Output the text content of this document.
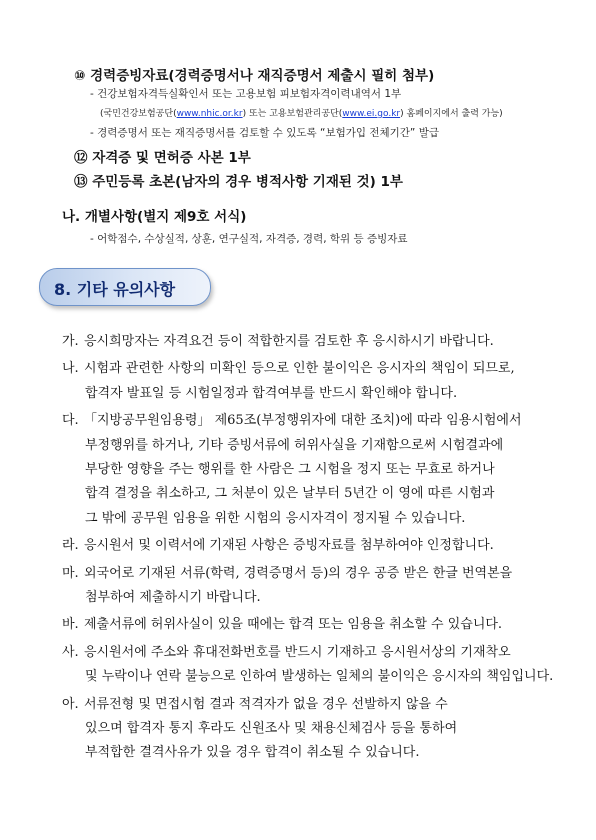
⑩ 경력증빙자료(경력증명서나 재직증명서 제출시 필히 첨부)
- 건강보험자격득실확인서 또는 고용보험 피보험자격이력내역서 1부
(국민건강보험공단(www.nhic.or.kr) 또는 고용보험관리공단(www.ei.go.kr) 홈페이지에서 출력 가능)
- 경력증명서 또는 재직증명서를 검토할 수 있도록 “보험가입 전체기간” 발급
⑫ 자격증 및 면허증 사본 1부
⑬ 주민등록 초본(남자의 경우 병적사항 기재된 것) 1부
나. 개별사항(별지 제9호 서식)
- 어학점수, 수상실적, 상훈, 연구실적, 자격증, 경력, 학위 등 증빙자료
8. 기타 유의사항
가. 응시희망자는 자격요건 등이 적합한지를 검토한 후 응시하시기 바랍니다.
나. 시험과 관련한 사항의 미확인 등으로 인한 불이익은 응시자의 책임이 되므로,
합격자 발표일 등 시험일정과 합격여부를 반드시 확인해야 합니다.
다. 「지방공무원임용령」 제65조(부정행위자에 대한 조치)에 따라 임용시험에서
부정행위를 하거나, 기타 증빙서류에 허위사실을 기재함으로써 시험결과에
부당한 영향을 주는 행위를 한 사람은 그 시험을 정지 또는 무효로 하거나
합격 결정을 취소하고, 그 처분이 있은 날부터 5년간 이 영에 따른 시험과
그 밖에 공무원 임용을 위한 시험의 응시자격이 정지될 수 있습니다.
라. 응시원서 및 이력서에 기재된 사항은 증빙자료를 첨부하여야 인정합니다.
마. 외국어로 기재된 서류(학력, 경력증명서 등)의 경우 공증 받은 한글 번역본을
첨부하여 제출하시기 바랍니다.
바. 제출서류에 허위사실이 있을 때에는 합격 또는 임용을 취소할 수 있습니다.
사. 응시원서에 주소와 휴대전화번호를 반드시 기재하고 응시원서상의 기재착오
및 누락이나 연락 불능으로 인하여 발생하는 일체의 불이익은 응시자의 책임입니다.
아. 서류전형 및 면접시험 결과 적격자가 없을 경우 선발하지 않을 수
있으며 합격자 통지 후라도 신원조사 및 채용신체검사 등을 통하여
부적합한 결격사유가 있을 경우 합격이 취소될 수 있습니다.
